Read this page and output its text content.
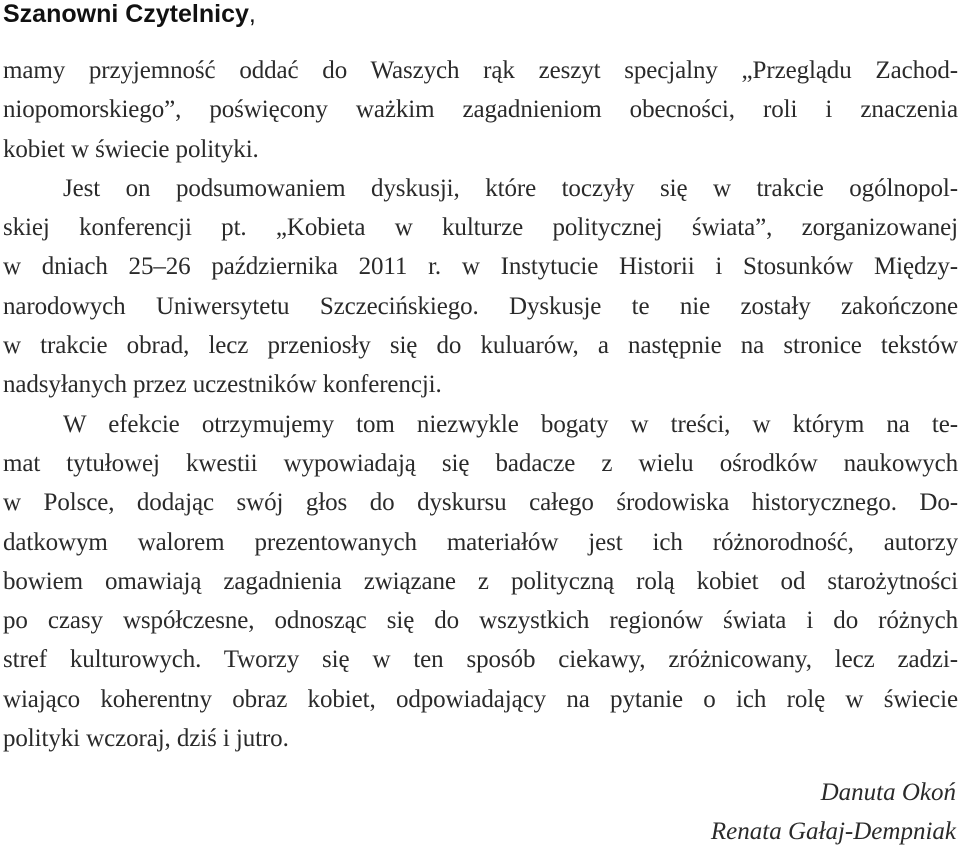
Szanowni Czytelnicy,
mamy przyjemność oddać do Waszych rąk zeszyt specjalny „Przeglądu Zachod-
niopomorskiego”, poświęcony ważkim zagadnieniom obecności, roli i znaczenia
kobiet w świecie polityki.
Jest on podsumowaniem dyskusji, które toczyły się w trakcie ogólnopol-
skiej konferencji pt. „Kobieta w kulturze politycznej świata”, zorganizowanej
w dniach 25–26 października 2011 r. w Instytucie Historii i Stosunków Między-
narodowych Uniwersytetu Szczecińskiego. Dyskusje te nie zostały zakończone
w trakcie obrad, lecz przeniosły się do kuluarów, a następnie na stronice tekstów
nadsyłanych przez uczestników konferencji.
W efekcie otrzymujemy tom niezwykle bogaty w treści, w którym na te-
mat tytułowej kwestii wypowiadają się badacze z wielu ośrodków naukowych
w Polsce, dodając swój głos do dyskursu całego środowiska historycznego. Do-
datkowym walorem prezentowanych materiałów jest ich różnorodność, autorzy
bowiem omawiają zagadnienia związane z polityczną rolą kobiet od starożytności
po czasy współczesne, odnosząc się do wszystkich regionów świata i do różnych
stref kulturowych. Tworzy się w ten sposób ciekawy, zróżnicowany, lecz zadzi-
wiająco koherentny obraz kobiet, odpowiadający na pytanie o ich rolę w świecie
polityki wczoraj, dziś i jutro.
Danuta Okoń
Renata Gałaj-Dempniak
